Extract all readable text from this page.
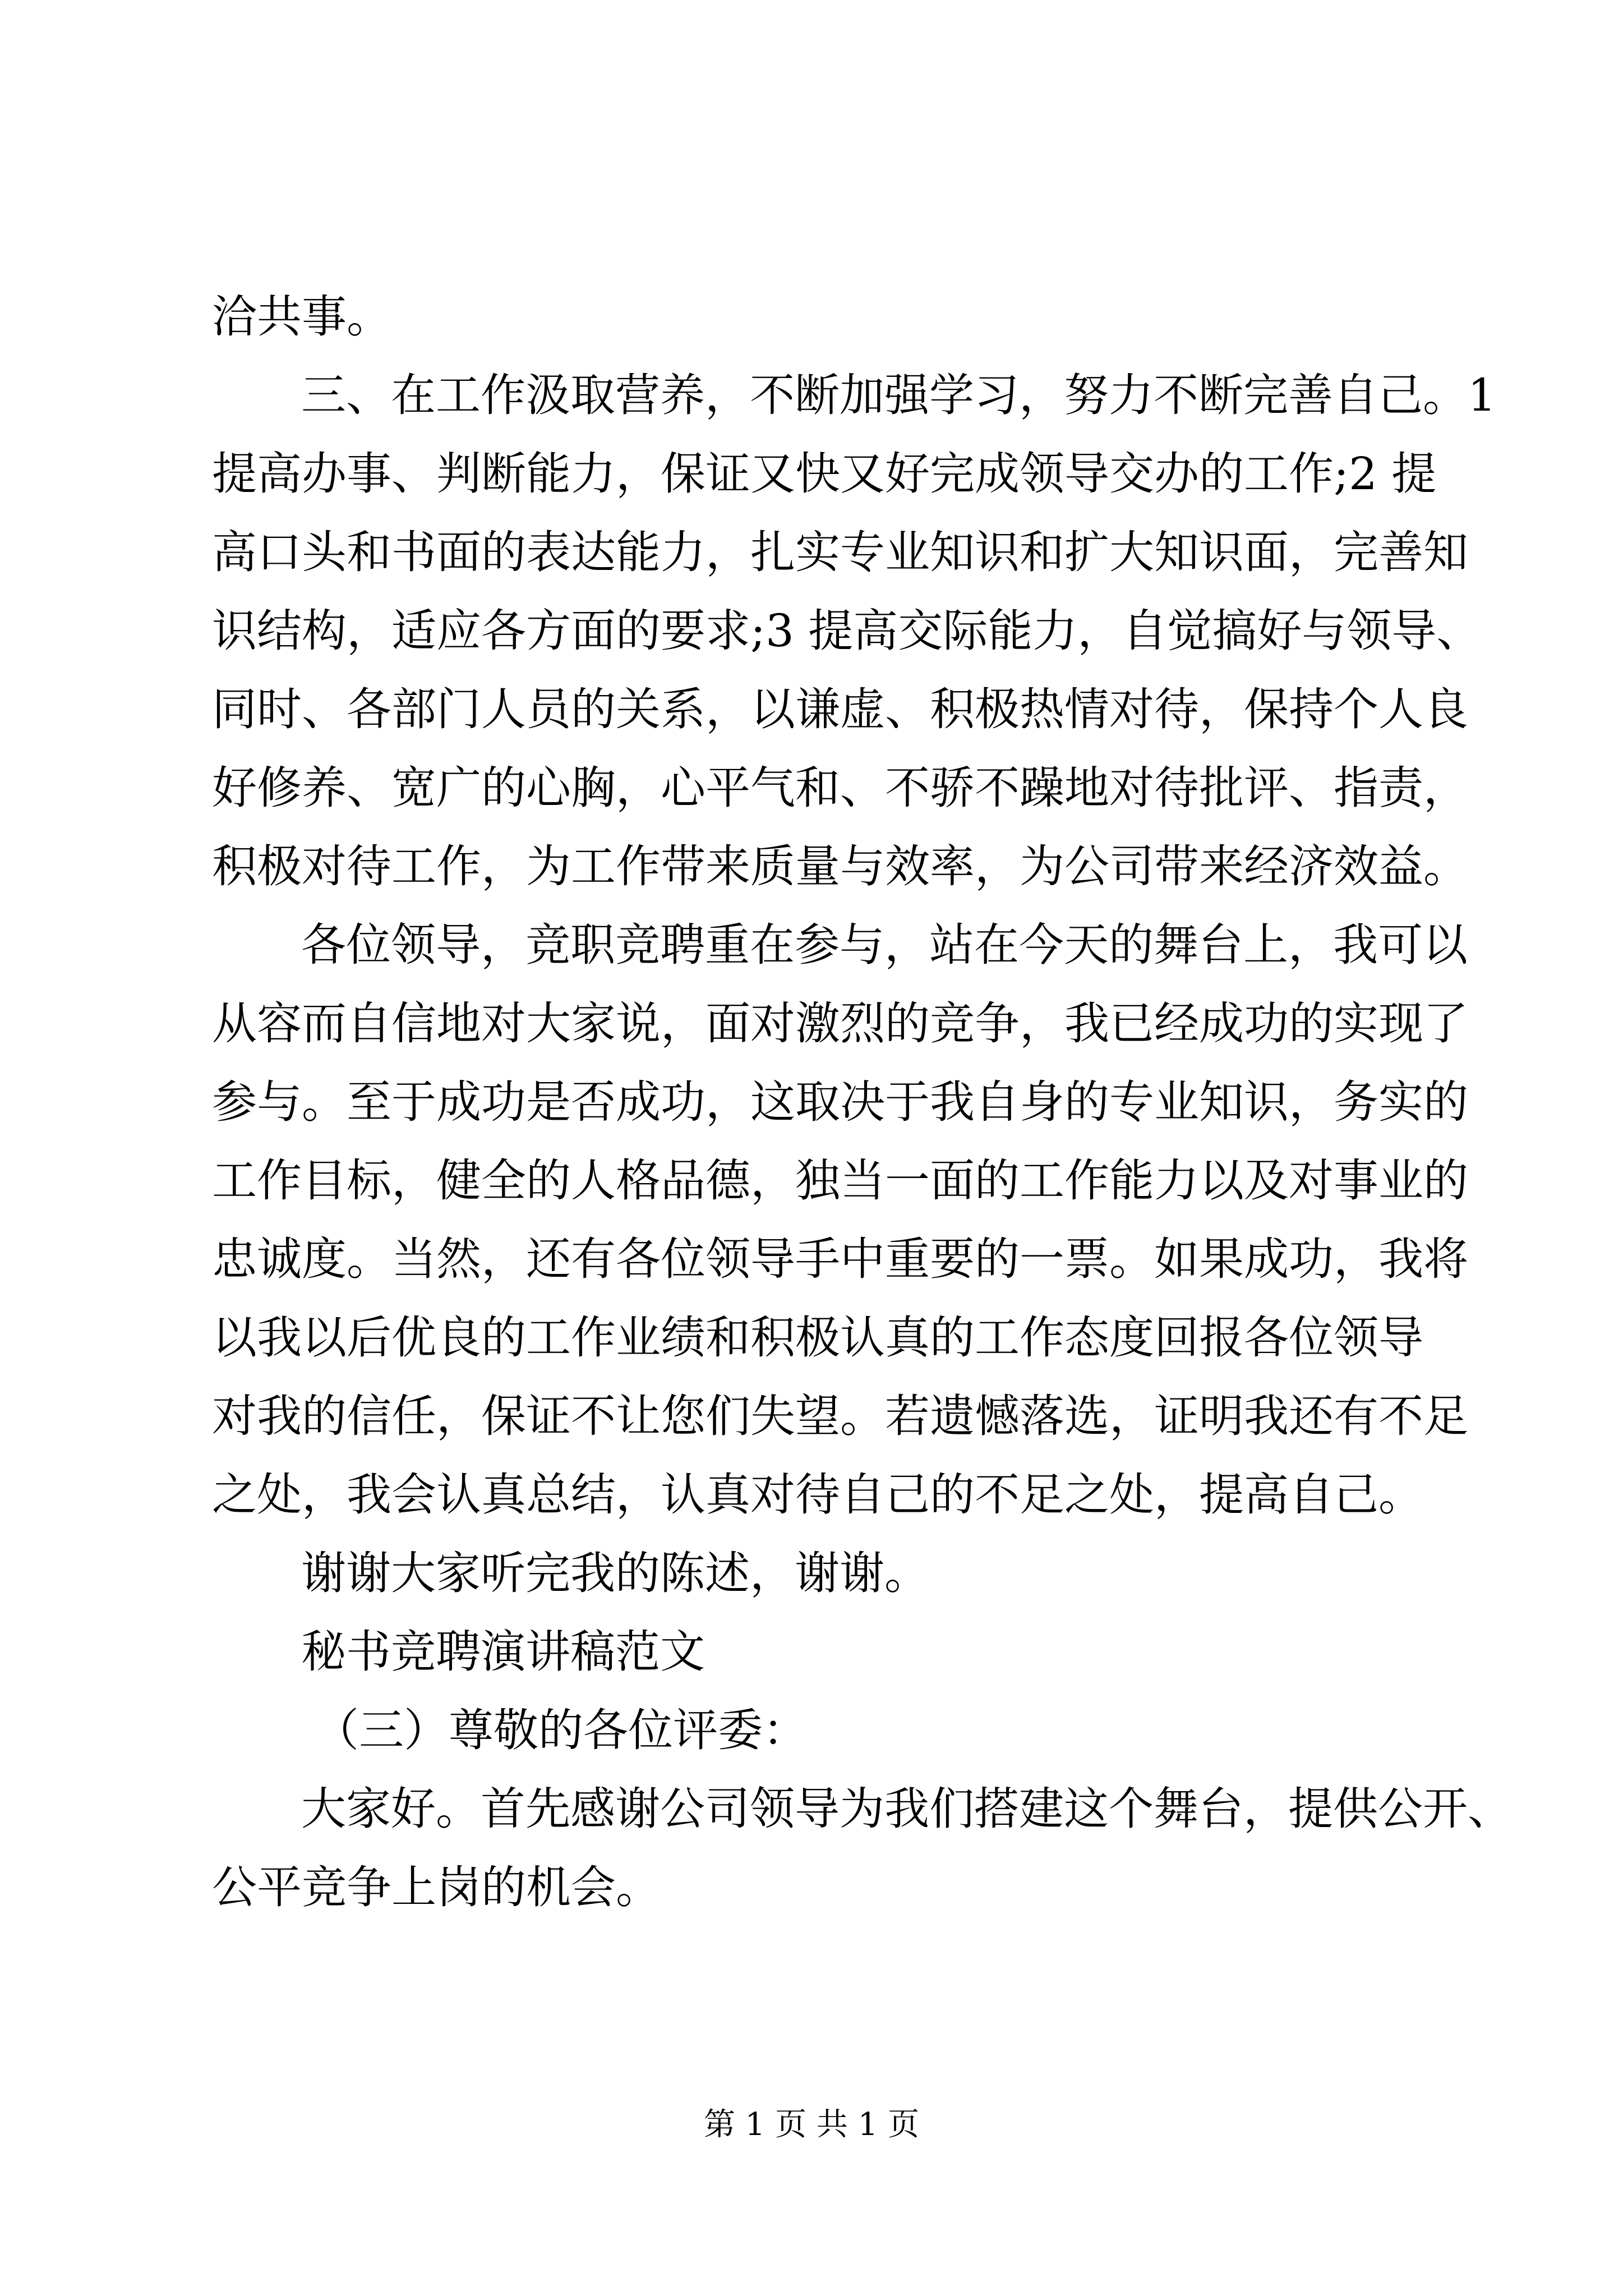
洽共事。
三、在工作汲取营养，不断加强学习，努力不断完善自己。1
提高办事、判断能力，保证又快又好完成领导交办的工作;2 提
高口头和书面的表达能力，扎实专业知识和扩大知识面，完善知
识结构，适应各方面的要求;3 提高交际能力，自觉搞好与领导、
同时、各部门人员的关系，以谦虚、积极热情对待，保持个人良
好修养、宽广的心胸，心平气和、不骄不躁地对待批评、指责，
积极对待工作，为工作带来质量与效率，为公司带来经济效益。
各位领导，竞职竞聘重在参与，站在今天的舞台上，我可以
从容而自信地对大家说，面对激烈的竞争，我已经成功的实现了
参与。至于成功是否成功，这取决于我自身的专业知识，务实的
工作目标，健全的人格品德，独当一面的工作能力以及对事业的
忠诚度。当然，还有各位领导手中重要的一票。如果成功，我将
以我以后优良的工作业绩和积极认真的工作态度回报各位领导
对我的信任，保证不让您们失望。若遗憾落选，证明我还有不足
之处，我会认真总结，认真对待自己的不足之处，提高自己。
谢谢大家听完我的陈述，谢谢。
秘书竞聘演讲稿范文
（三）尊敬的各位评委：
大家好。首先感谢公司领导为我们搭建这个舞台，提供公开、
公平竞争上岗的机会。
第 1 页 共 1 页
